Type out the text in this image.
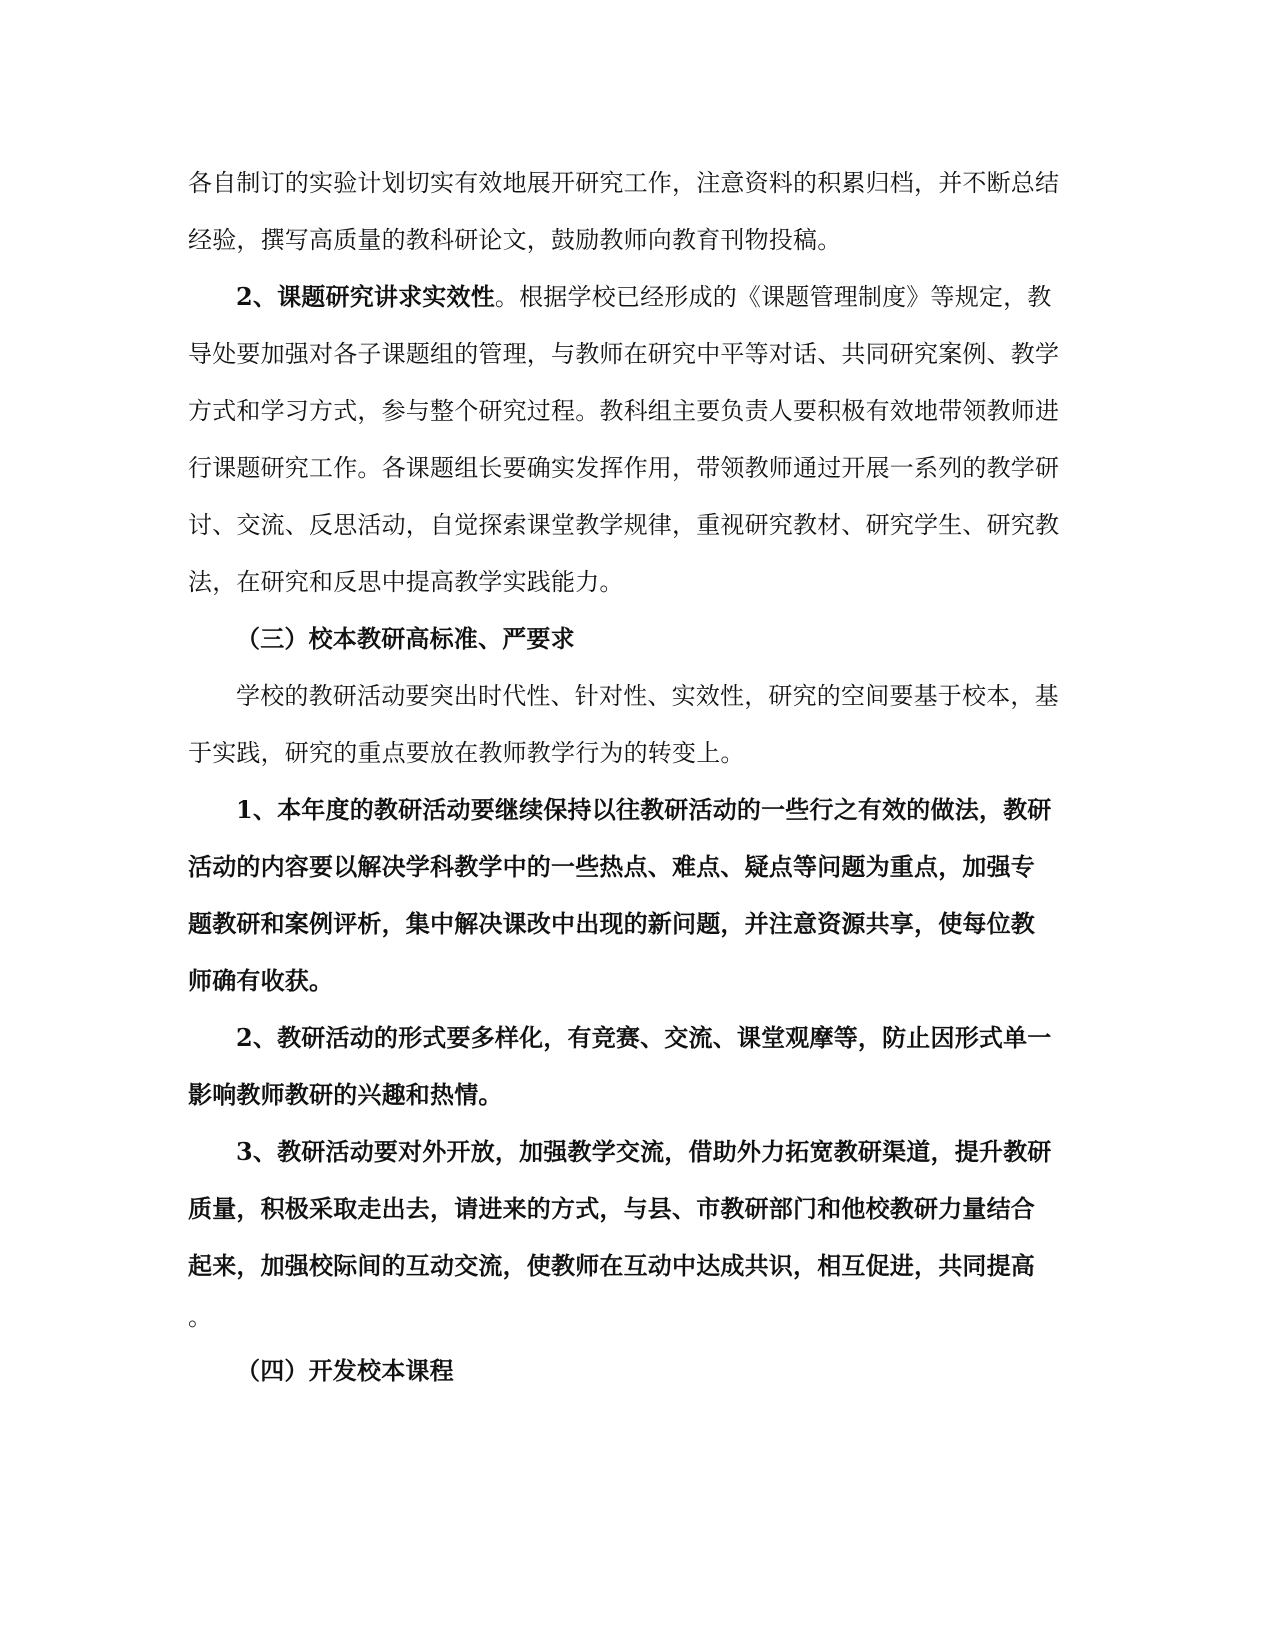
各自制订的实验计划切实有效地展开研究工作，注意资料的积累归档，并不断总结
经验，撰写高质量的教科研论文，鼓励教师向教育刊物投稿。
2、课题研究讲求实效性。根据学校已经形成的《课题管理制度》等规定，教
导处要加强对各子课题组的管理，与教师在研究中平等对话、共同研究案例、教学
方式和学习方式，参与整个研究过程。教科组主要负责人要积极有效地带领教师进
行课题研究工作。各课题组长要确实发挥作用，带领教师通过开展一系列的教学研
讨、交流、反思活动，自觉探索课堂教学规律，重视研究教材、研究学生、研究教
法，在研究和反思中提高教学实践能力。
（三）校本教研高标准、严要求
学校的教研活动要突出时代性、针对性、实效性，研究的空间要基于校本，基
于实践，研究的重点要放在教师教学行为的转变上。
1、本年度的教研活动要继续保持以往教研活动的一些行之有效的做法，教研
活动的内容要以解决学科教学中的一些热点、难点、疑点等问题为重点，加强专
题教研和案例评析，集中解决课改中出现的新问题，并注意资源共享，使每位教
师确有收获。
2、教研活动的形式要多样化，有竞赛、交流、课堂观摩等，防止因形式单一
影响教师教研的兴趣和热情。
3、教研活动要对外开放，加强教学交流，借助外力拓宽教研渠道，提升教研
质量，积极采取走出去，请进来的方式，与县、市教研部门和他校教研力量结合
起来，加强校际间的互动交流，使教师在互动中达成共识，相互促进，共同提高
。
（四）开发校本课程
